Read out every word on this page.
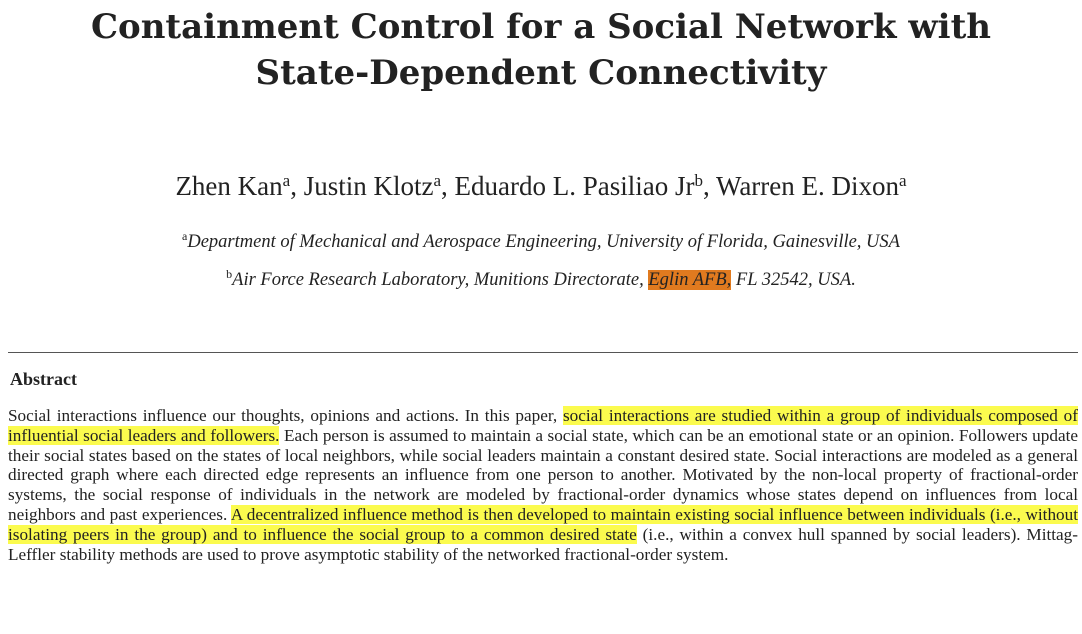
Containment Control for a Social Network with
State-Dependent Connectivity
Zhen Kan$^a$, Justin Klotz$^a$, Eduardo L. Pasiliao Jr$^b$, Warren E. Dixon$^a$
$^a$Department of Mechanical and Aerospace Engineering, University of Florida, Gainesville, USA
$^b$Air Force Research Laboratory, Munitions Directorate, Eglin AFB, FL 32542, USA.
Abstract
Social interactions influence our thoughts, opinions and actions. In this paper, social interactions are studied within a group of individuals composed of influential social leaders and followers. Each person is assumed to maintain a social state, which can be an emotional state or an opinion. Followers update their social states based on the states of local neighbors, while social leaders maintain a constant desired state. Social interactions are modeled as a general directed graph where each directed edge represents an influence from one person to another. Motivated by the non-local property of fractional-order systems, the social response of individuals in the network are modeled by fractional-order dynamics whose states depend on influences from local neighbors and past experiences. A decentralized influence method is then developed to maintain existing social influence between individuals (i.e., without isolating peers in the group) and to influence the social group to a common desired state (i.e., within a convex hull spanned by social leaders). Mittag-Leffler stability methods are used to prove asymptotic stability of the networked fractional-order system.
